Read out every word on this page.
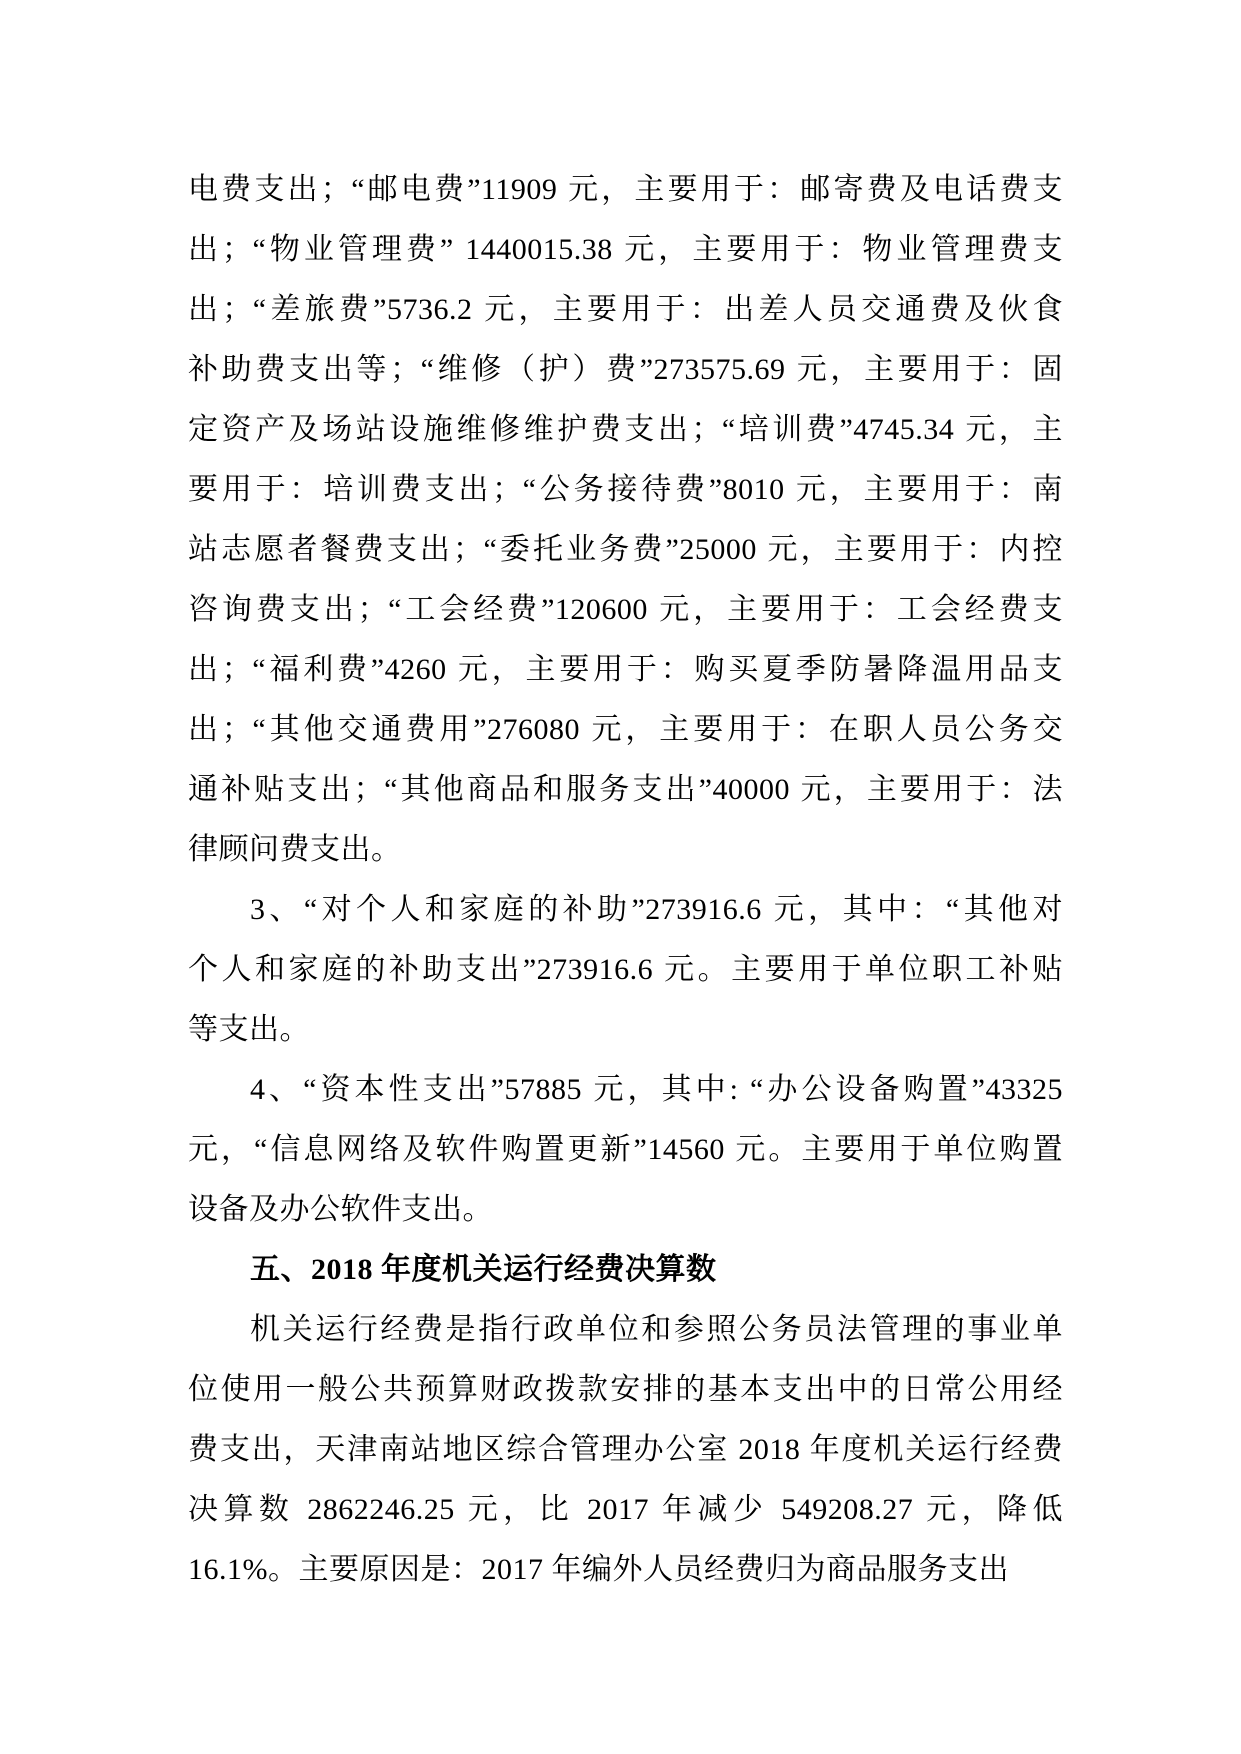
电费支出；“邮电费”11909 元，主要用于：邮寄费及电话费支
出；“物业管理费” 1440015.38 元，主要用于：物业管理费支
出；“差旅费”5736.2 元，主要用于：出差人员交通费及伙食
补助费支出等；“维修（护）费”273575.69 元，主要用于：固
定资产及场站设施维修维护费支出；“培训费”4745.34 元，主
要用于：培训费支出；“公务接待费”8010 元，主要用于：南
站志愿者餐费支出；“委托业务费”25000 元，主要用于：内控
咨询费支出；“工会经费”120600 元，主要用于：工会经费支
出；“福利费”4260 元，主要用于：购买夏季防暑降温用品支
出；“其他交通费用”276080 元，主要用于：在职人员公务交
通补贴支出；“其他商品和服务支出”40000 元，主要用于：法
律顾问费支出。
3、“对个人和家庭的补助”273916.6 元，其中：“其他对
个人和家庭的补助支出”273916.6 元。主要用于单位职工补贴
等支出。
4、“资本性支出”57885 元，其中: “办公设备购置”43325
元，“信息网络及软件购置更新”14560 元。主要用于单位购置
设备及办公软件支出。
五、2018 年度机关运行经费决算数
机关运行经费是指行政单位和参照公务员法管理的事业单
位使用一般公共预算财政拨款安排的基本支出中的日常公用经
费支出，天津南站地区综合管理办公室 2018 年度机关运行经费
决算数 2862246.25 元，比 2017 年减少 549208.27 元，降低
16.1%。主要原因是：2017 年编外人员经费归为商品服务支出
